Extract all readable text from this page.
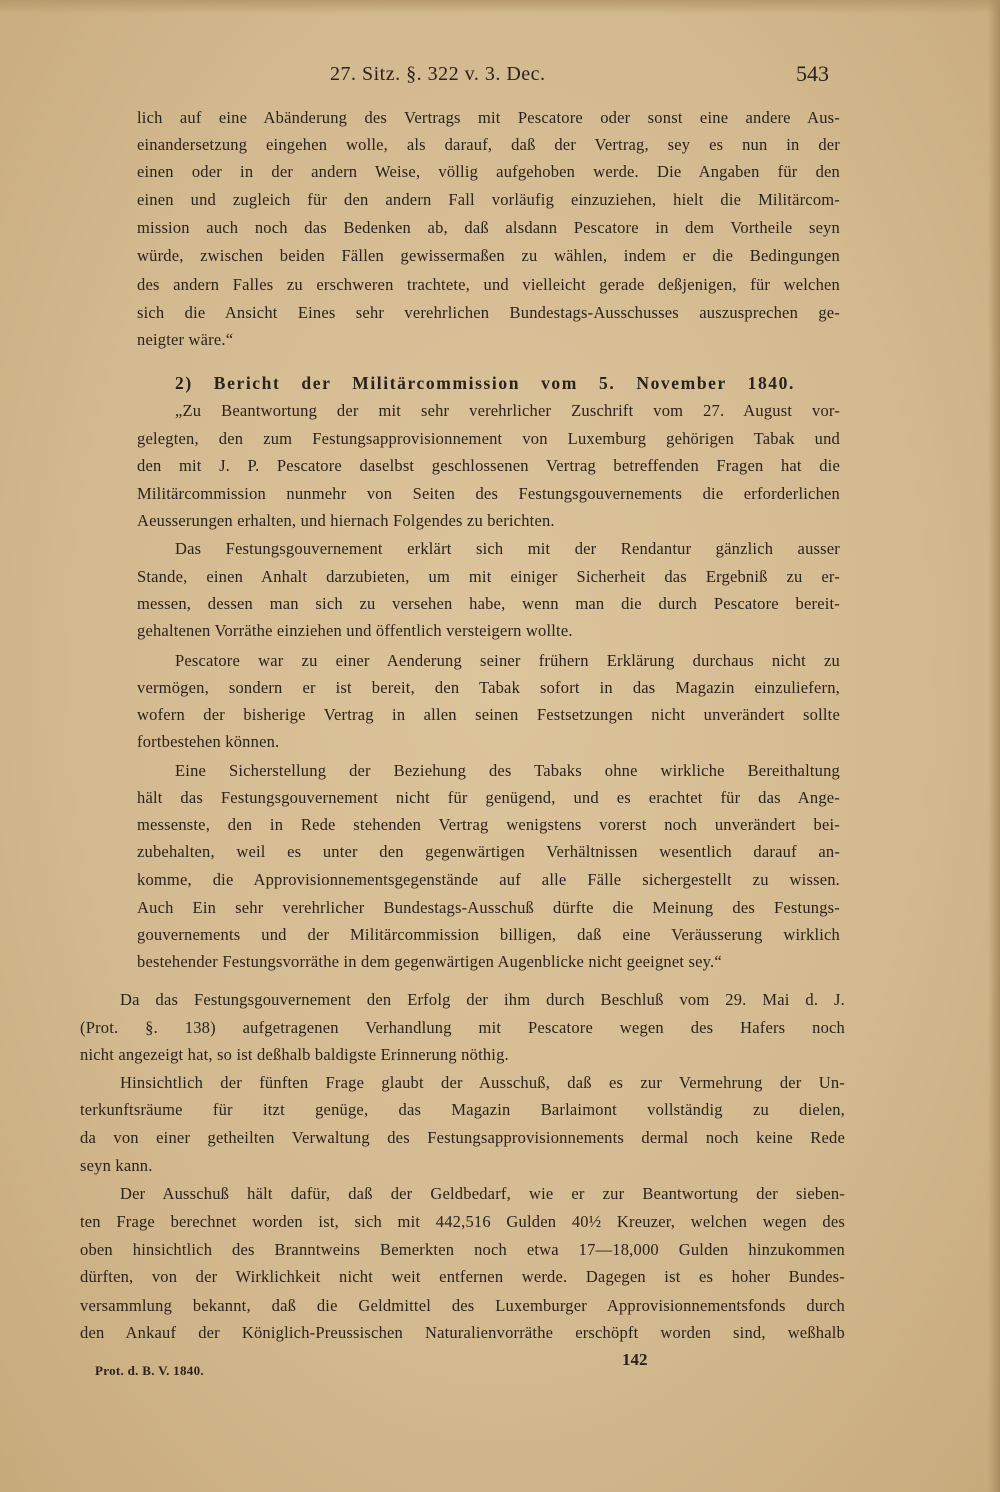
27. Sitz. §. 322 v. 3. Dec.	543
lich auf eine Abänderung des Vertrags mit Pescatore oder sonst eine andere Aus-
einandersetzung eingehen wolle, als darauf, daß der Vertrag, sey es nun in der
einen oder in der andern Weise, völlig aufgehoben werde. Die Angaben für den
einen und zugleich für den andern Fall vorläufig einzuziehen, hielt die Militärcom-
mission auch noch das Bedenken ab, daß alsdann Pescatore in dem Vortheile seyn
würde, zwischen beiden Fällen gewissermaßen zu wählen, indem er die Bedingungen
des andern Falles zu erschweren trachtete, und vielleicht gerade deßjenigen, für welchen
sich die Ansicht Eines sehr verehrlichen Bundestags-Ausschusses auszusprechen ge-
neigter wäre.“
2) Bericht der Militärcommission vom 5. November 1840.
„Zu Beantwortung der mit sehr verehrlicher Zuschrift vom 27. August vor-
gelegten, den zum Festungsapprovisionnement von Luxemburg gehörigen Tabak und
den mit J. P. Pescatore daselbst geschlossenen Vertrag betreffenden Fragen hat die
Militärcommission nunmehr von Seiten des Festungsgouvernements die erforderlichen
Aeusserungen erhalten, und hiernach Folgendes zu berichten.
Das Festungsgouvernement erklärt sich mit der Rendantur gänzlich ausser
Stande, einen Anhalt darzubieten, um mit einiger Sicherheit das Ergebniß zu er-
messen, dessen man sich zu versehen habe, wenn man die durch Pescatore bereit-
gehaltenen Vorräthe einziehen und öffentlich versteigern wollte.
Pescatore war zu einer Aenderung seiner frühern Erklärung durchaus nicht zu
vermögen, sondern er ist bereit, den Tabak sofort in das Magazin einzuliefern,
wofern der bisherige Vertrag in allen seinen Festsetzungen nicht unverändert sollte
fortbestehen können.
Eine Sicherstellung der Beziehung des Tabaks ohne wirkliche Bereithaltung
hält das Festungsgouvernement nicht für genügend, und es erachtet für das Ange-
messenste, den in Rede stehenden Vertrag wenigstens vorerst noch unverändert bei-
zubehalten, weil es unter den gegenwärtigen Verhältnissen wesentlich darauf an-
komme, die Approvisionnementsgegenstände auf alle Fälle sichergestellt zu wissen.
Auch Ein sehr verehrlicher Bundestags-Ausschuß dürfte die Meinung des Festungs-
gouvernements und der Militärcommission billigen, daß eine Veräusserung wirklich
bestehender Festungsvorräthe in dem gegenwärtigen Augenblicke nicht geeignet sey.“
Da das Festungsgouvernement den Erfolg der ihm durch Beschluß vom 29. Mai d. J.
(Prot. §. 138) aufgetragenen Verhandlung mit Pescatore wegen des Hafers noch
nicht angezeigt hat, so ist deßhalb baldigste Erinnerung nöthig.
Hinsichtlich der fünften Frage glaubt der Ausschuß, daß es zur Vermehrung der Un-
terkunftsräume für itzt genüge, das Magazin Barlaimont vollständig zu dielen,
da von einer getheilten Verwaltung des Festungsapprovisionnements dermal noch keine Rede
seyn kann.
Der Ausschuß hält dafür, daß der Geldbedarf, wie er zur Beantwortung der sieben-
ten Frage berechnet worden ist, sich mit 442,516 Gulden 40½ Kreuzer, welchen wegen des
oben hinsichtlich des Branntweins Bemerkten noch etwa 17—18,000 Gulden hinzukommen
dürften, von der Wirklichkeit nicht weit entfernen werde. Dagegen ist es hoher Bundes-
versammlung bekannt, daß die Geldmittel des Luxemburger Approvisionnementsfonds durch
den Ankauf der Königlich-Preussischen Naturalienvorräthe erschöpft worden sind, weßhalb
Prot. d. B. V. 1840.
142
